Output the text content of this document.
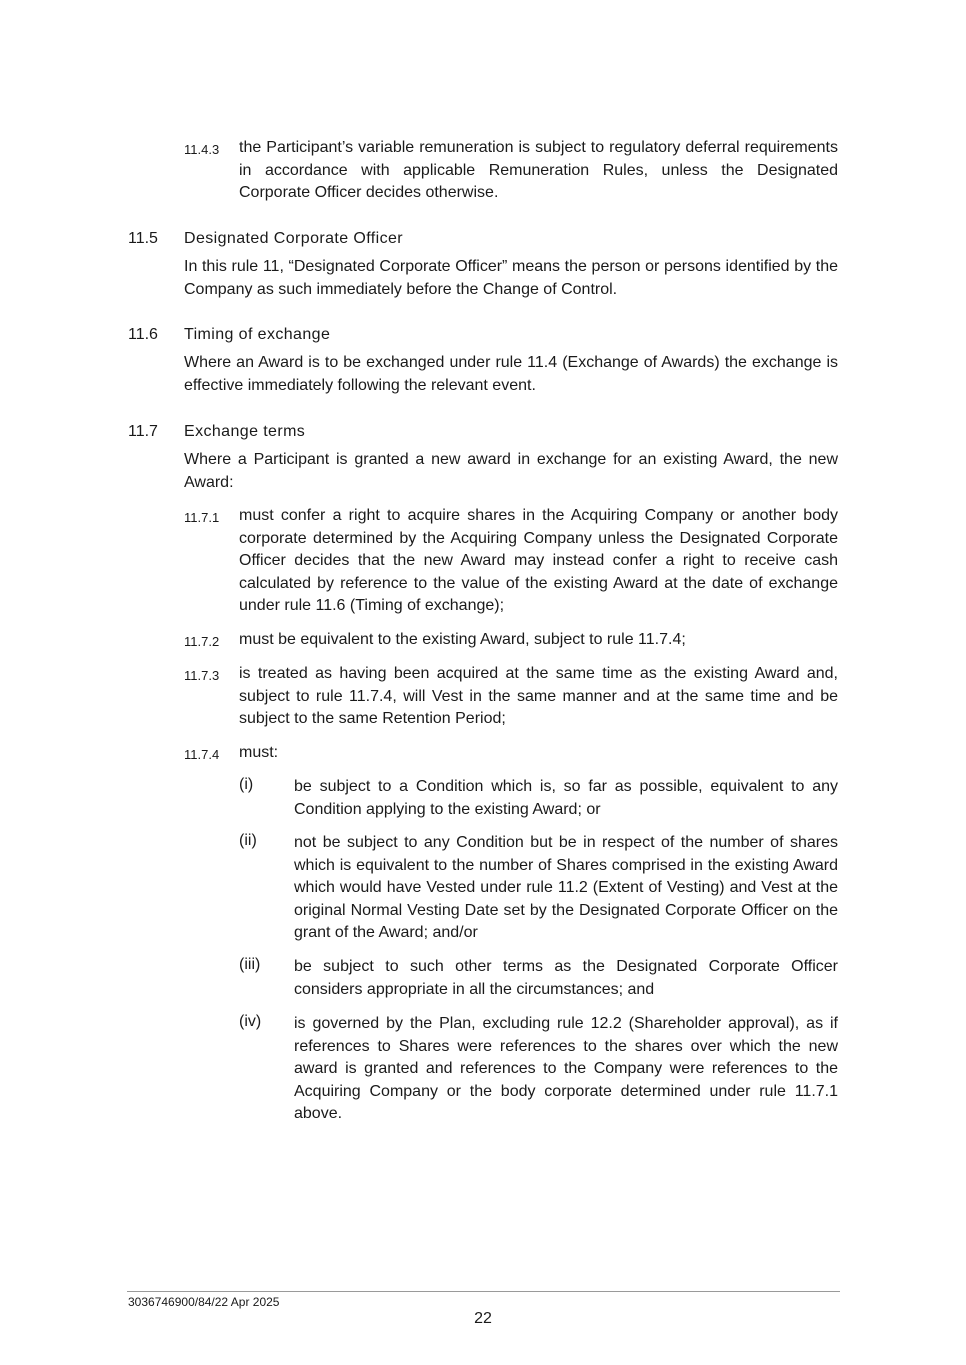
11.4.3 the Participant’s variable remuneration is subject to regulatory deferral requirements in accordance with applicable Remuneration Rules, unless the Designated Corporate Officer decides otherwise.

11.5 Designated Corporate Officer

In this rule 11, “Designated Corporate Officer” means the person or persons identified by the Company as such immediately before the Change of Control.

11.6 Timing of exchange

Where an Award is to be exchanged under rule 11.4 (Exchange of Awards) the exchange is effective immediately following the relevant event.

11.7 Exchange terms

Where a Participant is granted a new award in exchange for an existing Award, the new Award:

11.7.1 must confer a right to acquire shares in the Acquiring Company or another body corporate determined by the Acquiring Company unless the Designated Corporate Officer decides that the new Award may instead confer a right to receive cash calculated by reference to the value of the existing Award at the date of exchange under rule 11.6 (Timing of exchange);

11.7.2 must be equivalent to the existing Award, subject to rule 11.7.4;

11.7.3 is treated as having been acquired at the same time as the existing Award and, subject to rule 11.7.4, will Vest in the same manner and at the same time and be subject to the same Retention Period;

11.7.4 must:

(i)	be subject to a Condition which is, so far as possible, equivalent to any Condition applying to the existing Award; or

(ii) not be subject to any Condition but be in respect of the number of shares which is equivalent to the number of Shares comprised in the existing Award which would have Vested under rule 11.2 (Extent of Vesting) and Vest at the original Normal Vesting Date set by the Designated Corporate Officer on the grant of the Award; and/or

(iii) be subject to such other terms as the Designated Corporate Officer considers appropriate in all the circumstances; and

(iv) is governed by the Plan, excluding rule 12.2 (Shareholder approval), as if references to Shares were references to the shares over which the new award is granted and references to the Company were references to the Acquiring Company or the body corporate determined under rule 11.7.1 above.

3036746900/84/22 Apr 2025
22
